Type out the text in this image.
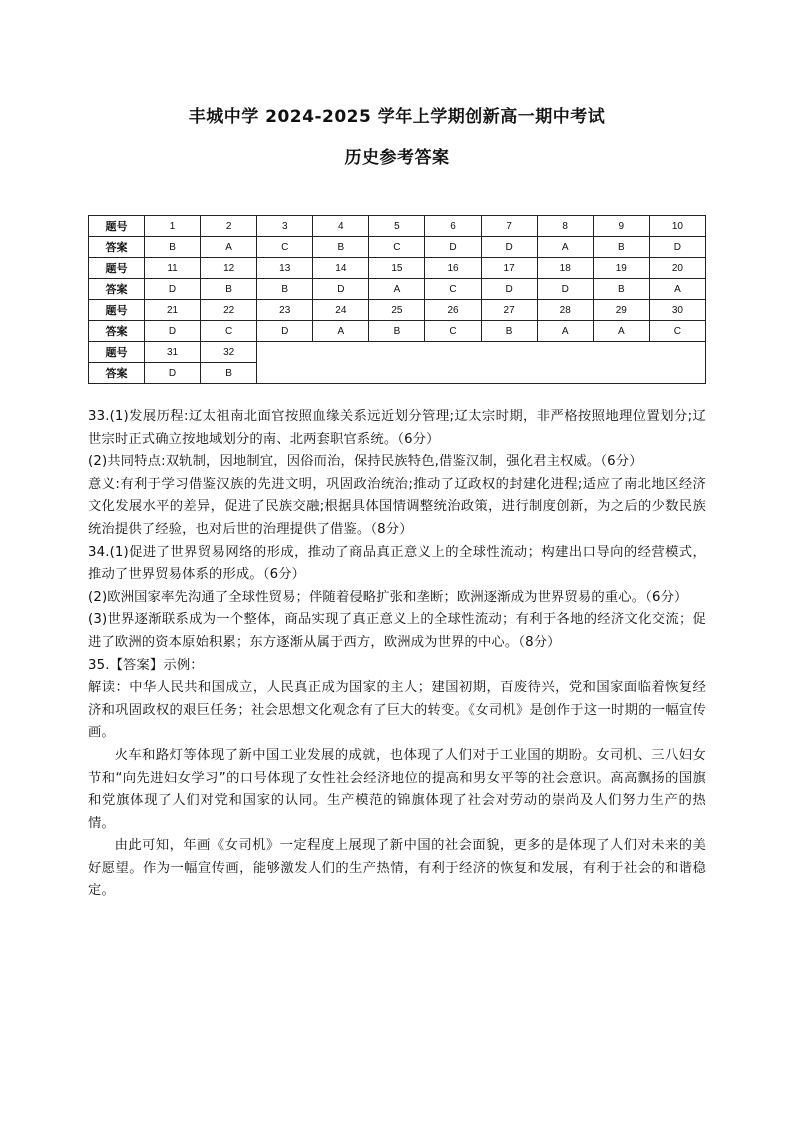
丰城中学 2024-2025 学年上学期创新高一期中考试
历史参考答案
题号	1	2	3	4	5	6	7	8	9	10
答案	B	A	C	B	C	D	D	A	B	D
题号	11	12	13	14	15	16	17	18	19	20
答案	D	B	B	D	A	C	D	D	B	A
题号	21	22	23	24	25	26	27	28	29	30
答案	D	C	D	A	B	C	B	A	A	C
题号	31	32								
答案	D	B								

33.(1)发展历程:辽太祖南北面官按照血缘关系远近划分管理;辽太宗时期，非严格按照地理位置划分;辽世宗时正式确立按地域划分的南、北两套职官系统。（6分）

(2)共同特点:双轨制，因地制宜，因俗而治，保持民族特色,借鉴汉制，强化君主权威。（6分）

意义:有利于学习借鉴汉族的先进文明，巩固政治统治;推动了辽政权的封建化进程;适应了南北地区经济文化发展水平的差异，促进了民族交融;根据具体国情调整统治政策，进行制度创新，为之后的少数民族统治提供了经验，也对后世的治理提供了借鉴。（8分）

34.(1)促进了世界贸易网络的形成，推动了商品真正意义上的全球性流动；构建出口导向的经营模式，推动了世界贸易体系的形成。（6分）

(2)欧洲国家率先沟通了全球性贸易；伴随着侵略扩张和垄断；欧洲逐渐成为世界贸易的重心。（6分）

(3)世界逐渐联系成为一个整体，商品实现了真正意义上的全球性流动；有利于各地的经济文化交流；促进了欧洲的资本原始积累；东方逐渐从属于西方，欧洲成为世界的中心。（8分）

35.【答案】示例：

解读：中华人民共和国成立，人民真正成为国家的主人；建国初期，百废待兴，党和国家面临着恢复经济和巩固政权的艰巨任务；社会思想文化观念有了巨大的转变。《女司机》是创作于这一时期的一幅宣传画。

火车和路灯等体现了新中国工业发展的成就，也体现了人们对于工业国的期盼。女司机、三八妇女节和“向先进妇女学习”的口号体现了女性社会经济地位的提高和男女平等的社会意识。高高飘扬的国旗和党旗体现了人们对党和国家的认同。生产模范的锦旗体现了社会对劳动的崇尚及人们努力生产的热情。

由此可知，年画《女司机》一定程度上展现了新中国的社会面貌，更多的是体现了人们对未来的美好愿望。作为一幅宣传画，能够激发人们的生产热情，有利于经济的恢复和发展，有利于社会的和谐稳定。
